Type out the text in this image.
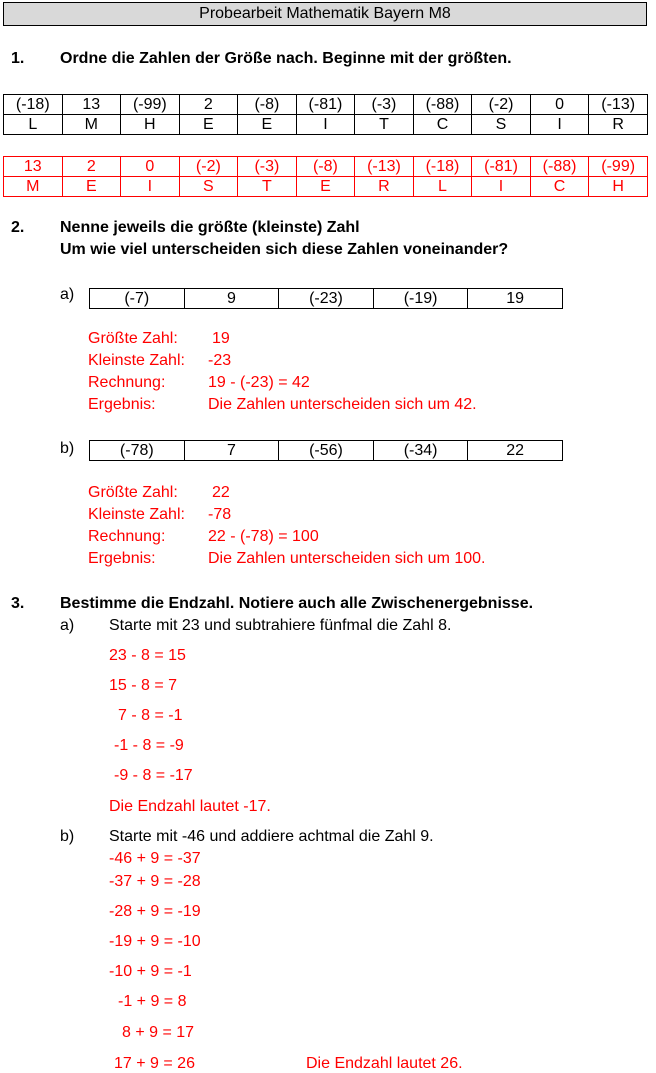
Probearbeit Mathematik Bayern M8
1. Ordne die Zahlen der Größe nach. Beginne mit der größten.
(-18)	13	(-99)	2	(-8)	(-81)	(-3)	(-88)	(-2)	0	(-13)
L	M	H	E	E	I	T	C	S	I	R
13	2	0	(-2)	(-3)	(-8)	(-13)	(-18)	(-81)	(-88)	(-99)
M	E	I	S	T	E	R	L	I	C	H
2. Nenne jeweils die größte (kleinste) Zahl
Um wie viel unterscheiden sich diese Zahlen voneinander?
a)	(-7)	9	(-23)	(-19)	19
Größte Zahl: 19
Kleinste Zahl: -23
Rechnung:	19 - (-23) = 42
Ergebnis:	Die Zahlen unterscheiden sich um 42.
b)	(-78)	7	(-56)	(-34)	22
Größte Zahl: 22
Kleinste Zahl: -78
Rechnung:	22 - (-78) = 100
Ergebnis:	Die Zahlen unterscheiden sich um 100.
3. Bestimme die Endzahl. Notiere auch alle Zwischenergebnisse.
a) Starte mit 23 und subtrahiere fünfmal die Zahl 8.
23 - 8 = 15
15 - 8 = 7
7 - 8 = -1
-1 - 8 = -9
-9 - 8 = -17
Die Endzahl lautet -17.
b) Starte mit -46 und addiere achtmal die Zahl 9.
-46 + 9 = -37
-37 + 9 = -28
-28 + 9 = -19
-19 + 9 = -10
-10 + 9 = -1
-1 + 9 = 8
8 + 9 = 17
17 + 9 = 26	Die Endzahl lautet 26.
